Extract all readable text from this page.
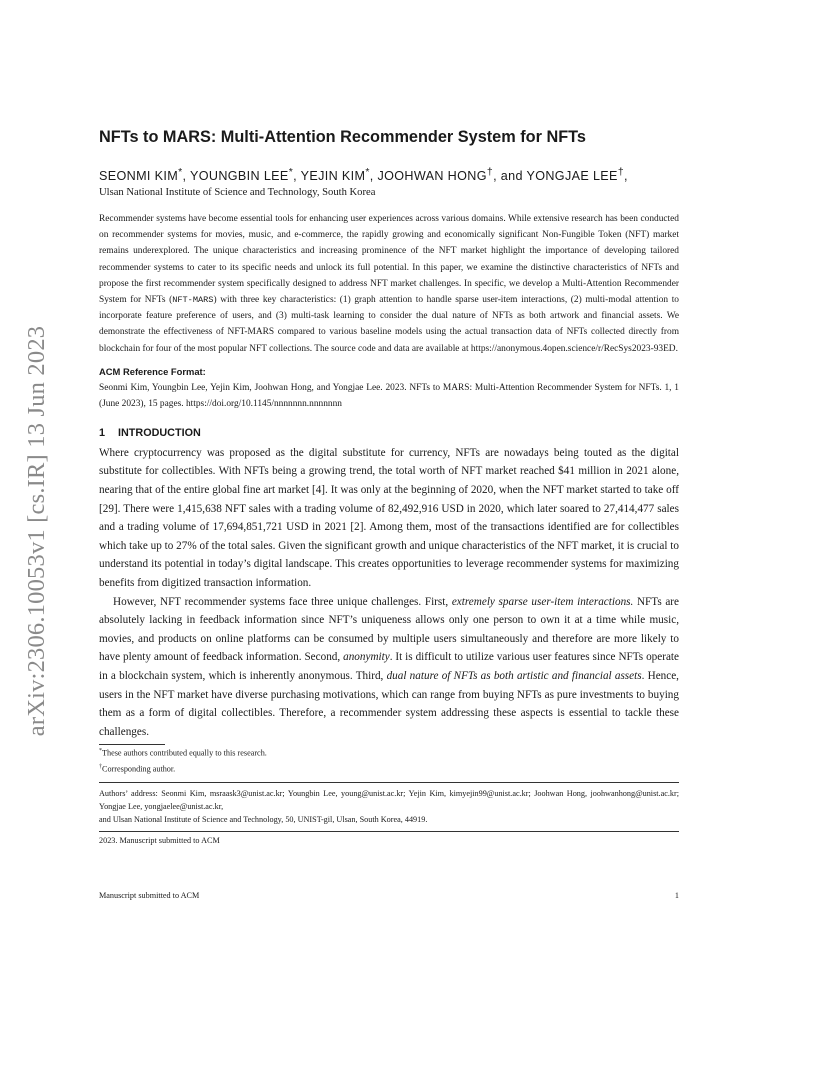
arXiv:2306.10053v1 [cs.IR] 13 Jun 2023
NFTs to MARS: Multi-Attention Recommender System for NFTs
SEONMI KIM*, YOUNGBIN LEE*, YEJIN KIM*, JOOHWAN HONG†, and YONGJAE LEE†,
Ulsan National Institute of Science and Technology, South Korea
Recommender systems have become essential tools for enhancing user experiences across various domains. While extensive research has been conducted on recommender systems for movies, music, and e-commerce, the rapidly growing and economically significant Non-Fungible Token (NFT) market remains underexplored. The unique characteristics and increasing prominence of the NFT market highlight the importance of developing tailored recommender systems to cater to its specific needs and unlock its full potential. In this paper, we examine the distinctive characteristics of NFTs and propose the first recommender system specifically designed to address NFT market challenges. In specific, we develop a Multi-Attention Recommender System for NFTs (NFT-MARS) with three key characteristics: (1) graph attention to handle sparse user-item interactions, (2) multi-modal attention to incorporate feature preference of users, and (3) multi-task learning to consider the dual nature of NFTs as both artwork and financial assets. We demonstrate the effectiveness of NFT-MARS compared to various baseline models using the actual transaction data of NFTs collected directly from blockchain for four of the most popular NFT collections. The source code and data are available at https://anonymous.4open.science/r/RecSys2023-93ED.
ACM Reference Format:
Seonmi Kim, Youngbin Lee, Yejin Kim, Joohwan Hong, and Yongjae Lee. 2023. NFTs to MARS: Multi-Attention Recommender System for NFTs. 1, 1 (June 2023), 15 pages. https://doi.org/10.1145/nnnnnnn.nnnnnnn
1 INTRODUCTION

Where cryptocurrency was proposed as the digital substitute for currency, NFTs are nowadays being touted as the digital substitute for collectibles. With NFTs being a growing trend, the total worth of NFT market reached $41 million in 2021 alone, nearing that of the entire global fine art market [4]. It was only at the beginning of 2020, when the NFT market started to take off [29]. There were 1,415,638 NFT sales with a trading volume of 82,492,916 USD in 2020, which later soared to 27,414,477 sales and a trading volume of 17,694,851,721 USD in 2021 [2]. Among them, most of the transactions identified are for collectibles which take up to 27% of the total sales. Given the significant growth and unique characteristics of the NFT market, it is crucial to understand its potential in today’s digital landscape. This creates opportunities to leverage recommender systems for maximizing benefits from digitized transaction information.

However, NFT recommender systems face three unique challenges. First, extremely sparse user-item interactions. NFTs are absolutely lacking in feedback information since NFT’s uniqueness allows only one person to own it at a time while music, movies, and products on online platforms can be consumed by multiple users simultaneously and therefore are more likely to have plenty amount of feedback information. Second, anonymity. It is difficult to utilize various user features since NFTs operate in a blockchain system, which is inherently anonymous. Third, dual nature of NFTs as both artistic and financial assets. Hence, users in the NFT market have diverse purchasing motivations, which can range from buying NFTs as pure investments to buying them as a form of digital collectibles. Therefore, a recommender system addressing these aspects is essential to tackle these challenges.

*These authors contributed equally to this research.
†Corresponding author.
Authors’ address: Seonmi Kim, msraask3@unist.ac.kr; Youngbin Lee, young@unist.ac.kr; Yejin Kim, kimyejin99@unist.ac.kr; Joohwan Hong, joohwanhong@unist.ac.kr; Yongjae Lee, yongjaelee@unist.ac.kr,
and Ulsan National Institute of Science and Technology, 50, UNIST-gil, Ulsan, South Korea, 44919.
2023. Manuscript submitted to ACM
Manuscript submitted to ACM	1
